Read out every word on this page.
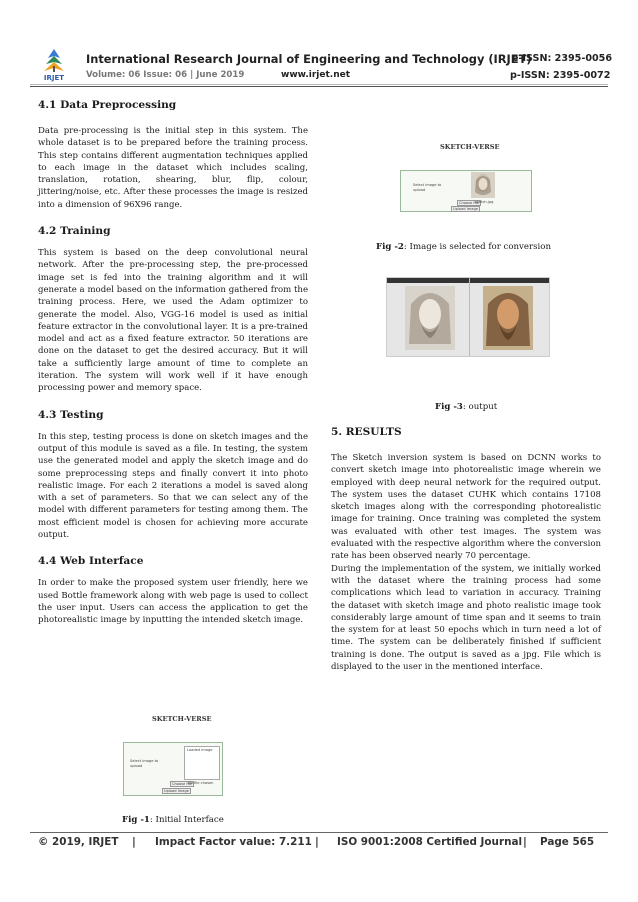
IRJET
International Research Journal of Engineering and Technology (IRJET)
e-ISSN: 2395-0056
Volume: 06 Issue: 06 | June 2019	www.irjet.net	p-ISSN: 2395-0072
4.1 Data Preprocessing

Data pre-processing is the initial step in this system. The whole dataset is to be prepared before the training process. This step contains different augmentation techniques applied to each image in the dataset which includes scaling, translation, rotation, shearing, blur, flip, colour, jittering/noise, etc. After these processes the image is resized into a dimension of 96X96 range.

4.2 Training

This system is based on the deep convolutional neural network. After the pre-processing step, the pre-processed image set is fed into the training algorithm and it will generate a model based on the information gathered from the training process. Here, we used the Adam optimizer to generate the model. Also, VGG-16 model is used as initial feature extractor in the convolutional layer. It is a pre-trained model and act as a fixed feature extractor. 50 iterations are done on the dataset to get the desired accuracy. But it will take a sufficiently large amount of time to complete an iteration. The system will work well if it have enough processing power and memory space.

4.3 Testing

In this step, testing process is done on sketch images and the output of this module is saved as a file. In testing, the system use the generated model and apply the sketch image and do some preprocessing steps and finally convert it into photo realistic image. For each 2 iterations a model is saved along with a set of parameters. So that we can select any of the model with different parameters for testing among them. The most efficient model is chosen for achieving more accurate output.

4.4 Web Interface

In order to make the proposed system user friendly, here we used Bottle framework along with web page is used to collect the user input. Users can access the application to get the photorealistic image by inputting the intended sketch image.

SKETCH-VERSE
Select image to upload
Loaded image
Choose file
No file chosen
Upload Image
Fig -1: Initial Interface
SKETCH-VERSE
Select image to upload
Choose file
sketch.jpg
Upload Image
Fig -2: Image is selected for conversion
Fig -3: output
5. RESULTS

The Sketch inversion system is based on DCNN works to convert sketch image into photorealistic image wherein we employed with deep neural network for the required output. The system uses the dataset CUHK which contains 17108 sketch images along with the corresponding photorealistic image for training. Once training was completed the system was evaluated with other test images. The system was evaluated with the respective algorithm where the conversion rate has been observed nearly 70 percentage.

During the implementation of the system, we initially worked with the dataset where the training process had some complications which lead to variation in accuracy. Training the dataset with sketch image and photo realistic image took considerably large amount of time span and it seems to train the system for at least 50 epochs which in turn need a lot of time. The system can be deliberately finished if sufficient training is done. The output is saved as a jpg. File which is displayed to the user in the mentioned interface.

© 2019, IRJET | Impact Factor value: 7.211 | ISO 9001:2008 Certified Journal | Page 565
